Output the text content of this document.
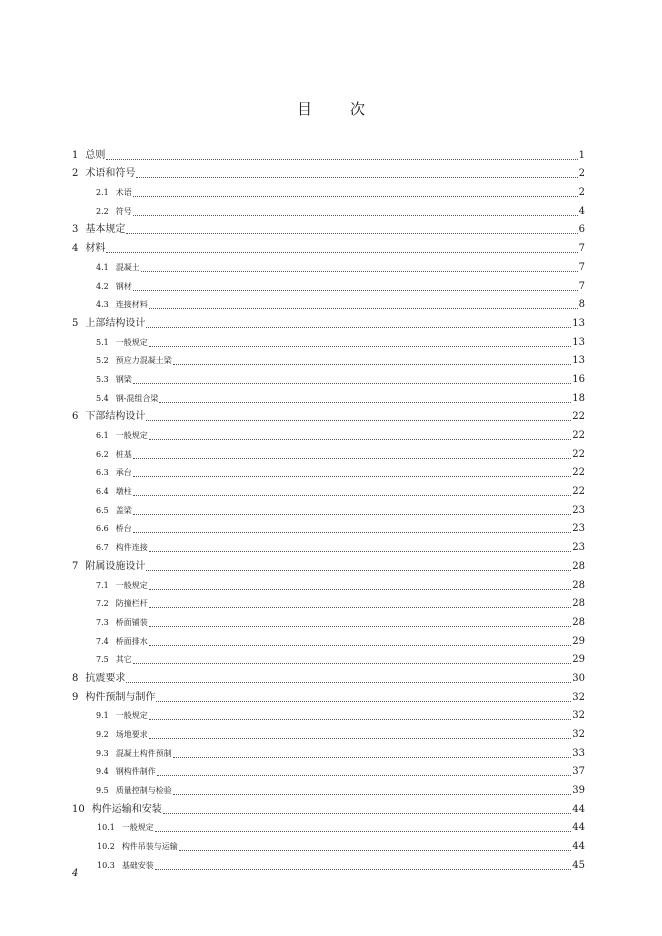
目	次
1 总则	1
2 术语和符号	2
2.1 术语	2
2.2 符号	4
3 基本规定	6
4 材料	7
4.1 混凝土	7
4.2 钢材	7
4.3 连接材料	8
5 上部结构设计	13
5.1 一般规定	13
5.2 预应力混凝土梁	13
5.3 钢梁	16
5.4 钢-混组合梁	18
6 下部结构设计	22
6.1 一般规定	22
6.2 桩基	22
6.3 承台	22
6.4 墩柱	22
6.5 盖梁	23
6.6 桥台	23
6.7 构件连接	23
7 附属设施设计	28
7.1 一般规定	28
7.2 防撞栏杆	28
7.3 桥面铺装	28
7.4 桥面排水	29
7.5 其它	29
8 抗震要求	30
9 构件预制与制作	32
9.1 一般规定	32
9.2 场地要求	32
9.3 混凝土构件预制	33
9.4 钢构件制作	37
9.5 质量控制与检验	39
10 构件运输和安装	44
10.1 一般规定	44
10.2 构件吊装与运输	44
10.3 基础安装	45
4
